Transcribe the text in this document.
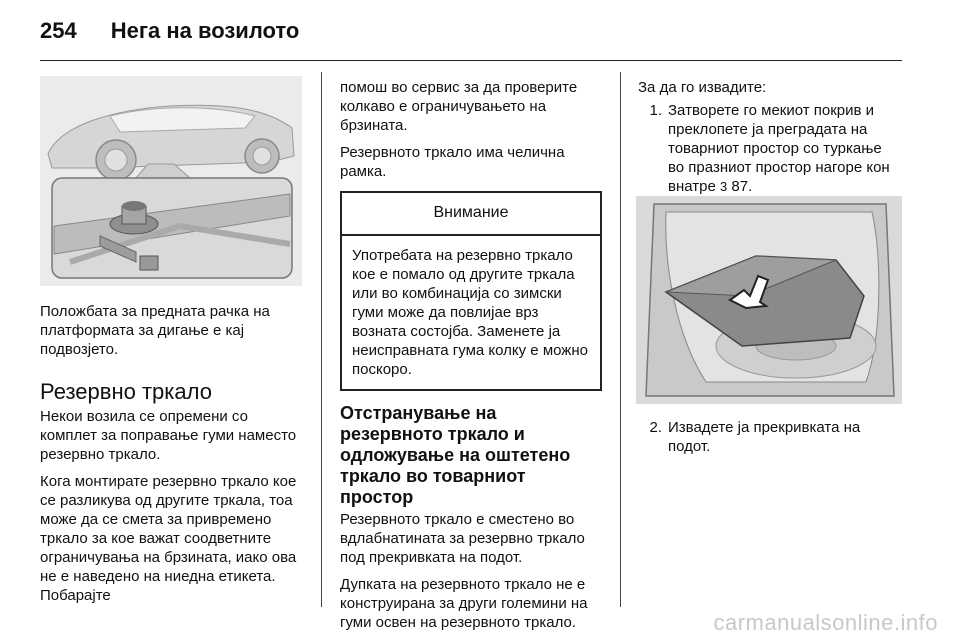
254 Нега на возилото

Положбата за предната рачка на платформата за дигање е кај подвозјето.

Резервно тркало

Некои возила се опремени со комплет за поправање гуми наместо резервно тркало.

Кога монтирате резервно тркало кое се разликува од другите тркала, тоа може да се смета за привремено тркало за кое важат соодветните ограничувања на брзината, иако ова не е наведено на ниедна етикета. Побарајте

помош во сервис за да проверите колкаво е ограничувањето на брзината.

Резервното тркало има челична рамка.

Внимание
Употребата на резервно тркало кое е помало од другите тркала или во комбинација со зимски гуми може да повлијае врз возната состојба. Заменете ја неисправната гума колку е можно поскоро.
Отстранување на резервното тркало и одложување на оштетено тркало во товарниот простор

Резервното тркало е сместено во вдлабнатината за резервно тркало под прекривката на подот.

Дупката на резервното тркало не е конструирана за други големини на гуми освен на резервното тркало.

За да го извадите:

1. Затворете го мекиот покрив и преклопете ја преградата на товарниот простор со туркање во празниот простор нагоре кон внатре 3 87.
2. Извадете ја прекривката на подот.
carmanualsonline.info
